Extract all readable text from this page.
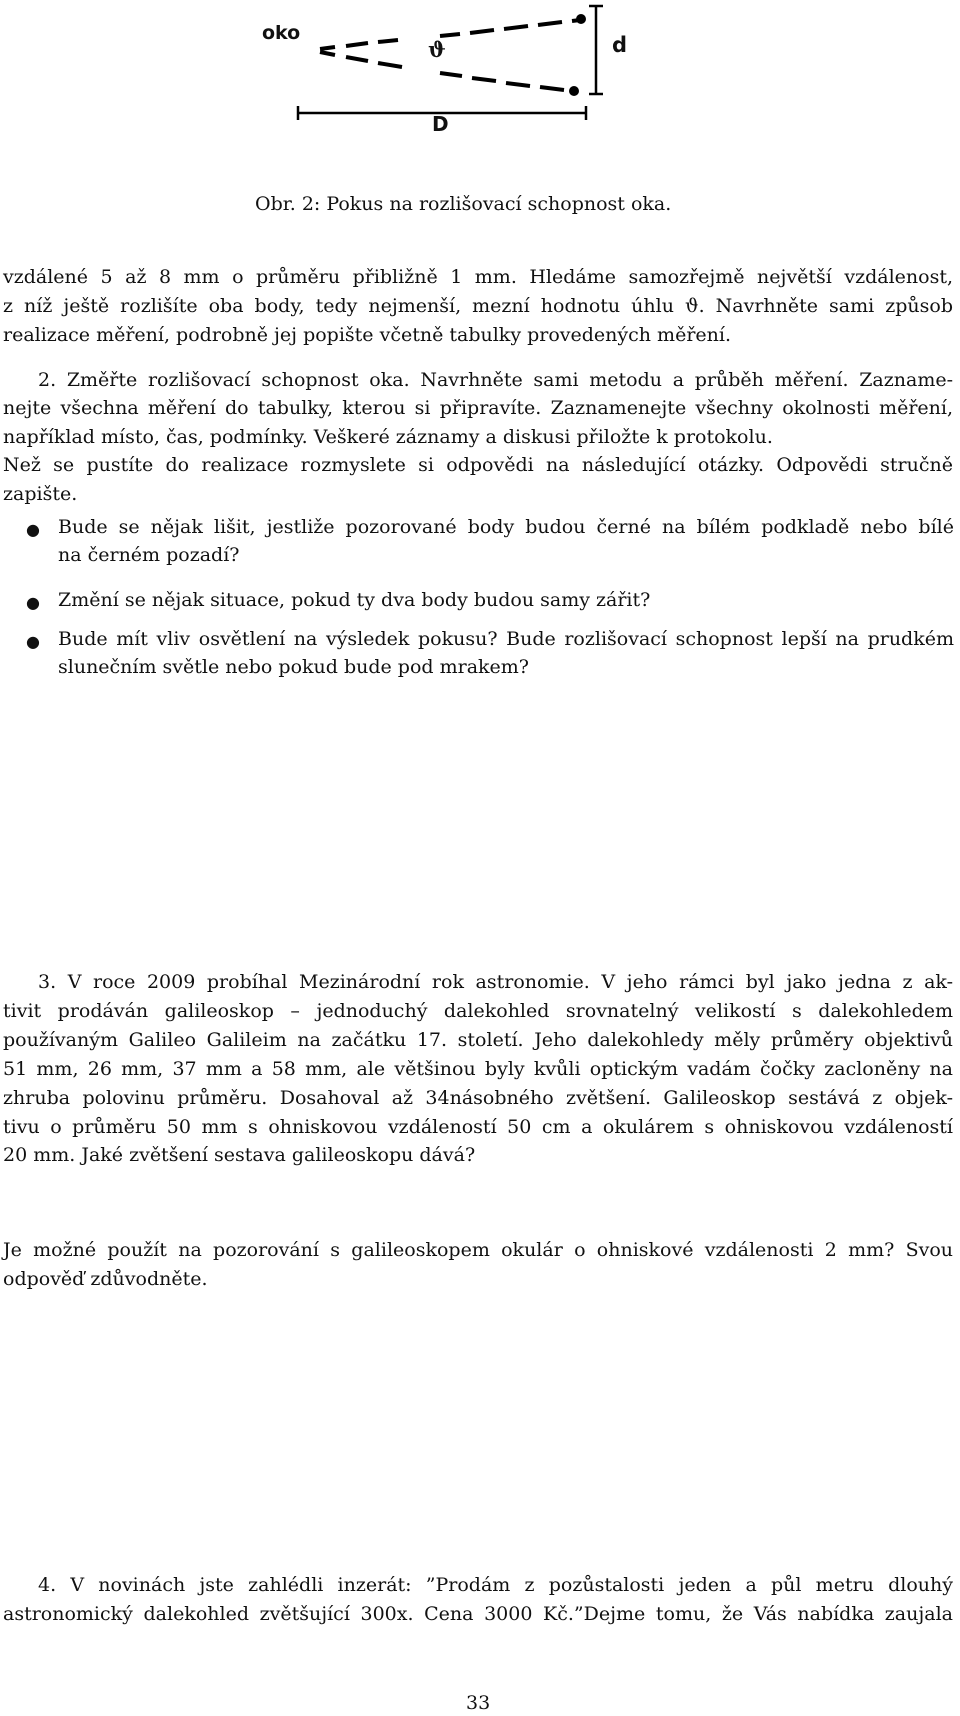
oko
ϑ	d
D
Obr. 2: Pokus na rozlišovací schopnost oka.
vzdálené 5 až 8 mm o průměru přibližně 1 mm. Hledáme samozřejmě největší vzdálenost,
z níž ještě rozlišíte oba body, tedy nejmenší, mezní hodnotu úhlu ϑ. Navrhněte sami způsob
realizace měření, podrobně jej popište včetně tabulky provedených měření.
2. Změřte rozlišovací schopnost oka. Navrhněte sami metodu a průběh měření. Zazname-
nejte všechna měření do tabulky, kterou si připravíte. Zaznamenejte všechny okolnosti měření,
například místo, čas, podmínky. Veškeré záznamy a diskusi přiložte k protokolu.
Než se pustíte do realizace rozmyslete si odpovědi na následující otázky. Odpovědi stručně
zapište.
● Bude se nějak lišit, jestliže pozorované body budou černé na bílém podkladě nebo bílé
na černém pozadí?
● Změní se nějak situace, pokud ty dva body budou samy zářit?
● Bude mít vliv osvětlení na výsledek pokusu? Bude rozlišovací schopnost lepší na prudkém
slunečním světle nebo pokud bude pod mrakem?
3. V roce 2009 probíhal Mezinárodní rok astronomie. V jeho rámci byl jako jedna z ak-
tivit prodáván galileoskop – jednoduchý dalekohled srovnatelný velikostí s dalekohledem
používaným Galileo Galileim na začátku 17. století. Jeho dalekohledy měly průměry objektivů
51 mm, 26 mm, 37 mm a 58 mm, ale většinou byly kvůli optickým vadám čočky zacloněny na
zhruba polovinu průměru. Dosahoval až 34násobného zvětšení. Galileoskop sestává z objek-
tivu o průměru 50 mm s ohniskovou vzdáleností 50 cm a okulárem s ohniskovou vzdáleností
20 mm. Jaké zvětšení sestava galileoskopu dává?
Je možné použít na pozorování s galileoskopem okulár o ohniskové vzdálenosti 2 mm? Svou
odpověď zdůvodněte.
4. V novinách jste zahlédli inzerát: ”Prodám z pozůstalosti jeden a půl metru dlouhý
astronomický dalekohled zvětšující 300x. Cena 3000 Kč.”Dejme tomu, že Vás nabídka zaujala
33
